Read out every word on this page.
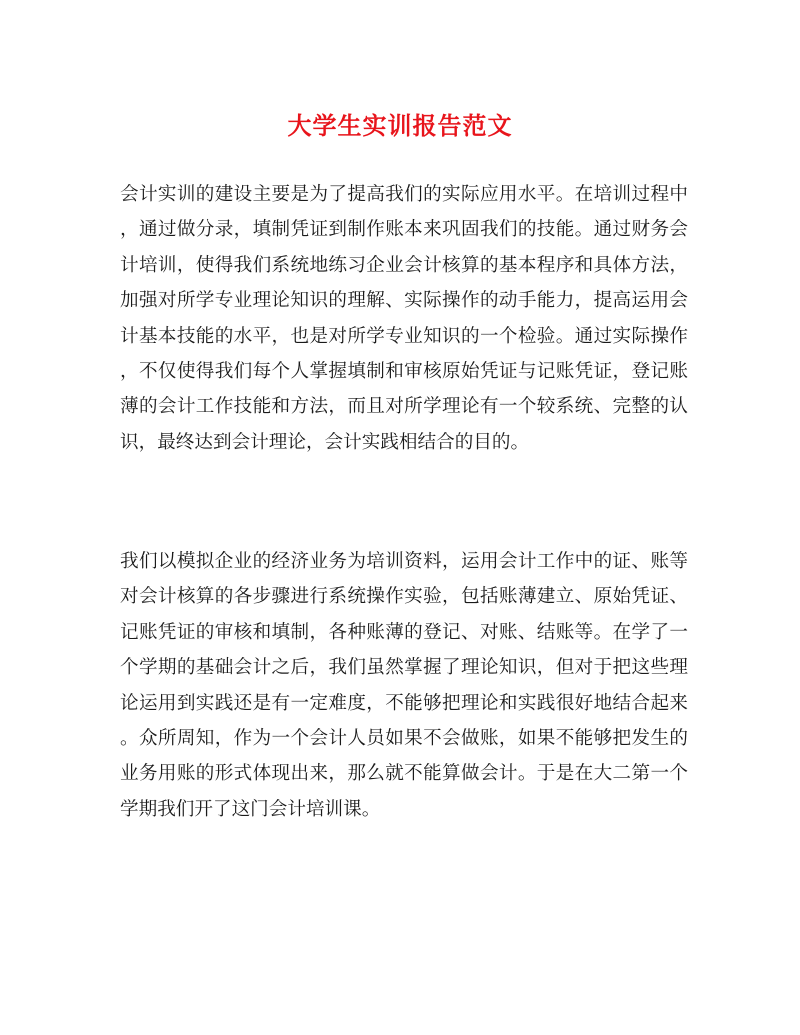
大学生实训报告范文
会计实训的建设主要是为了提高我们的实际应用水平。在培训过程中
，通过做分录，填制凭证到制作账本来巩固我们的技能。通过财务会
计培训，使得我们系统地练习企业会计核算的基本程序和具体方法，
加强对所学专业理论知识的理解、实际操作的动手能力，提高运用会
计基本技能的水平，也是对所学专业知识的一个检验。通过实际操作
，不仅使得我们每个人掌握填制和审核原始凭证与记账凭证，登记账
薄的会计工作技能和方法，而且对所学理论有一个较系统、完整的认
识，最终达到会计理论，会计实践相结合的目的。
我们以模拟企业的经济业务为培训资料，运用会计工作中的证、账等
对会计核算的各步骤进行系统操作实验，包括账薄建立、原始凭证、
记账凭证的审核和填制，各种账薄的登记、对账、结账等。在学了一
个学期的基础会计之后，我们虽然掌握了理论知识，但对于把这些理
论运用到实践还是有一定难度，不能够把理论和实践很好地结合起来
。众所周知，作为一个会计人员如果不会做账，如果不能够把发生的
业务用账的形式体现出来，那么就不能算做会计。于是在大二第一个
学期我们开了这门会计培训课。
